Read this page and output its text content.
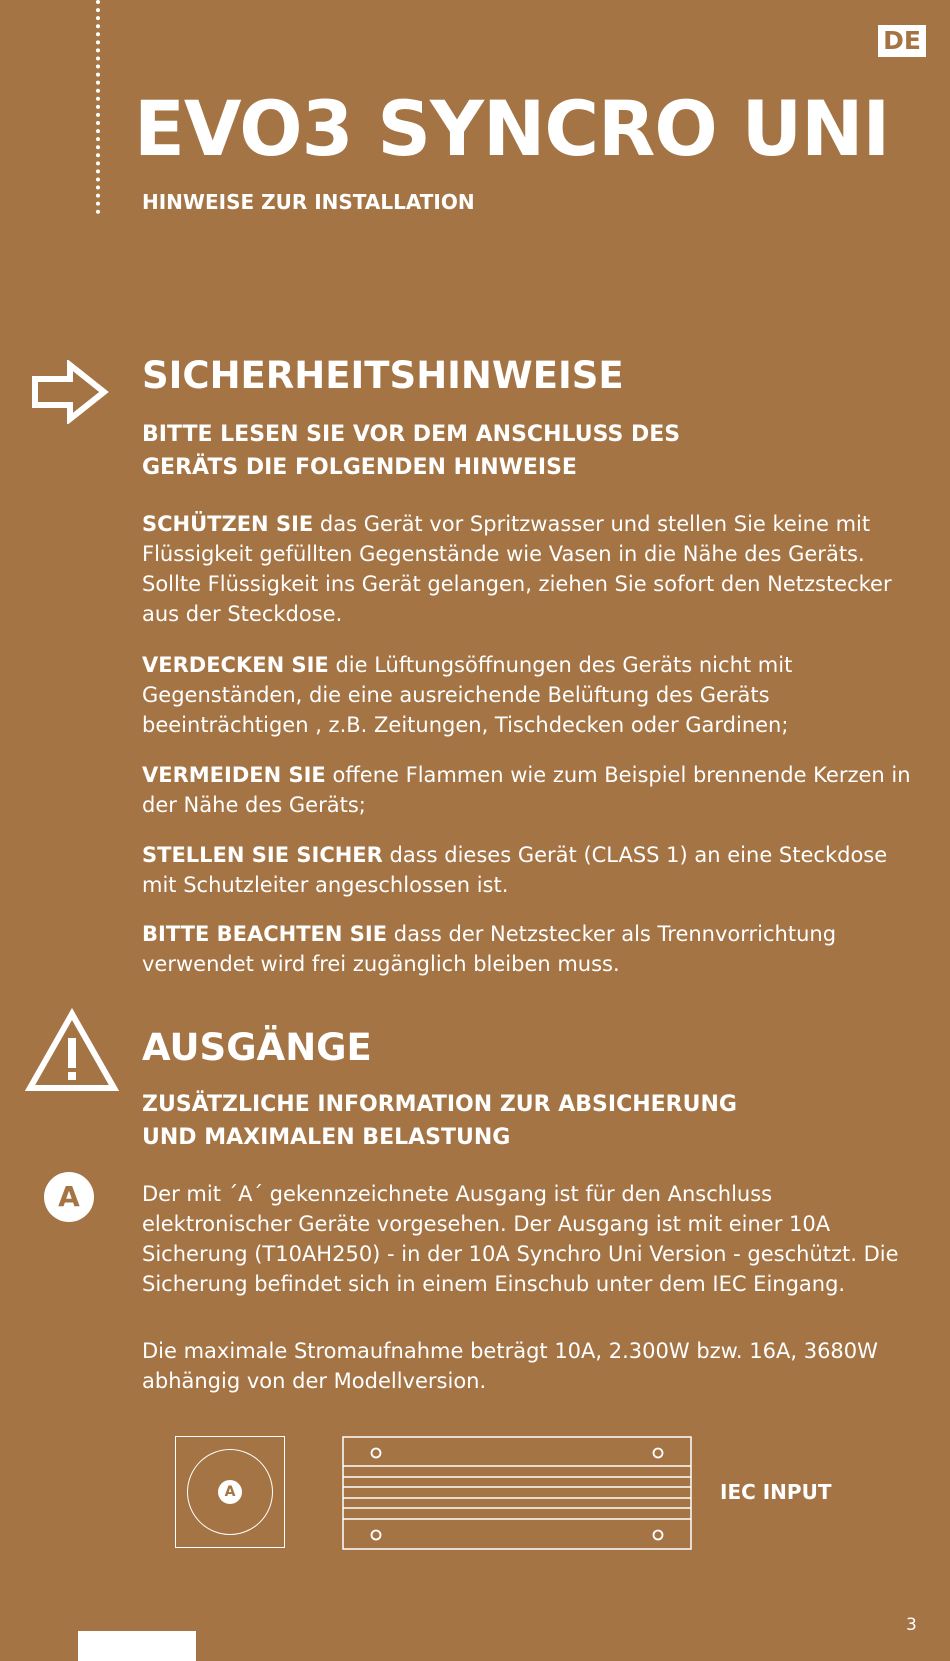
DE
EVO3 SYNCRO UNI
HINWEISE ZUR INSTALLATION
SICHERHEITSHINWEISE
BITTE LESEN SIE VOR DEM ANSCHLUSS DES
GERÄTS DIE FOLGENDEN HINWEISE
SCHÜTZEN SIE das Gerät vor Spritzwasser und stellen Sie keine mit Flüssigkeit gefüllten Gegenstände wie Vasen in die Nähe des Geräts. Sollte Flüssigkeit ins Gerät gelangen, ziehen Sie sofort den Netzstecker aus der Steckdose.
VERDECKEN SIE die Lüftungsöffnungen des Geräts nicht mit Gegenständen, die eine ausreichende Belüftung des Geräts beeinträchtigen , z.B. Zeitungen, Tischdecken oder Gardinen;
VERMEIDEN SIE offene Flammen wie zum Beispiel brennende Kerzen in der Nähe des Geräts;
STELLEN SIE SICHER dass dieses Gerät (CLASS 1) an eine Steckdose mit Schutzleiter angeschlossen ist.
BITTE BEACHTEN SIE dass der Netzstecker als Trennvorrichtung verwendet wird frei zugänglich bleiben muss.
AUSGÄNGE
ZUSÄTZLICHE INFORMATION ZUR ABSICHERUNG
UND MAXIMALEN BELASTUNG
A	Der mit ´A´ gekennzeichnete Ausgang ist für den Anschluss elektronischer Geräte vorgesehen. Der Ausgang ist mit einer 10A Sicherung (T10AH250) - in der 10A Synchro Uni Version - geschützt. Die Sicherung befindet sich in einem Einschub unter dem IEC Eingang.
Die maximale Stromaufnahme beträgt 10A, 2.300W bzw. 16A, 3680W abhängig von der Modellversion.
A	IEC INPUT
3
